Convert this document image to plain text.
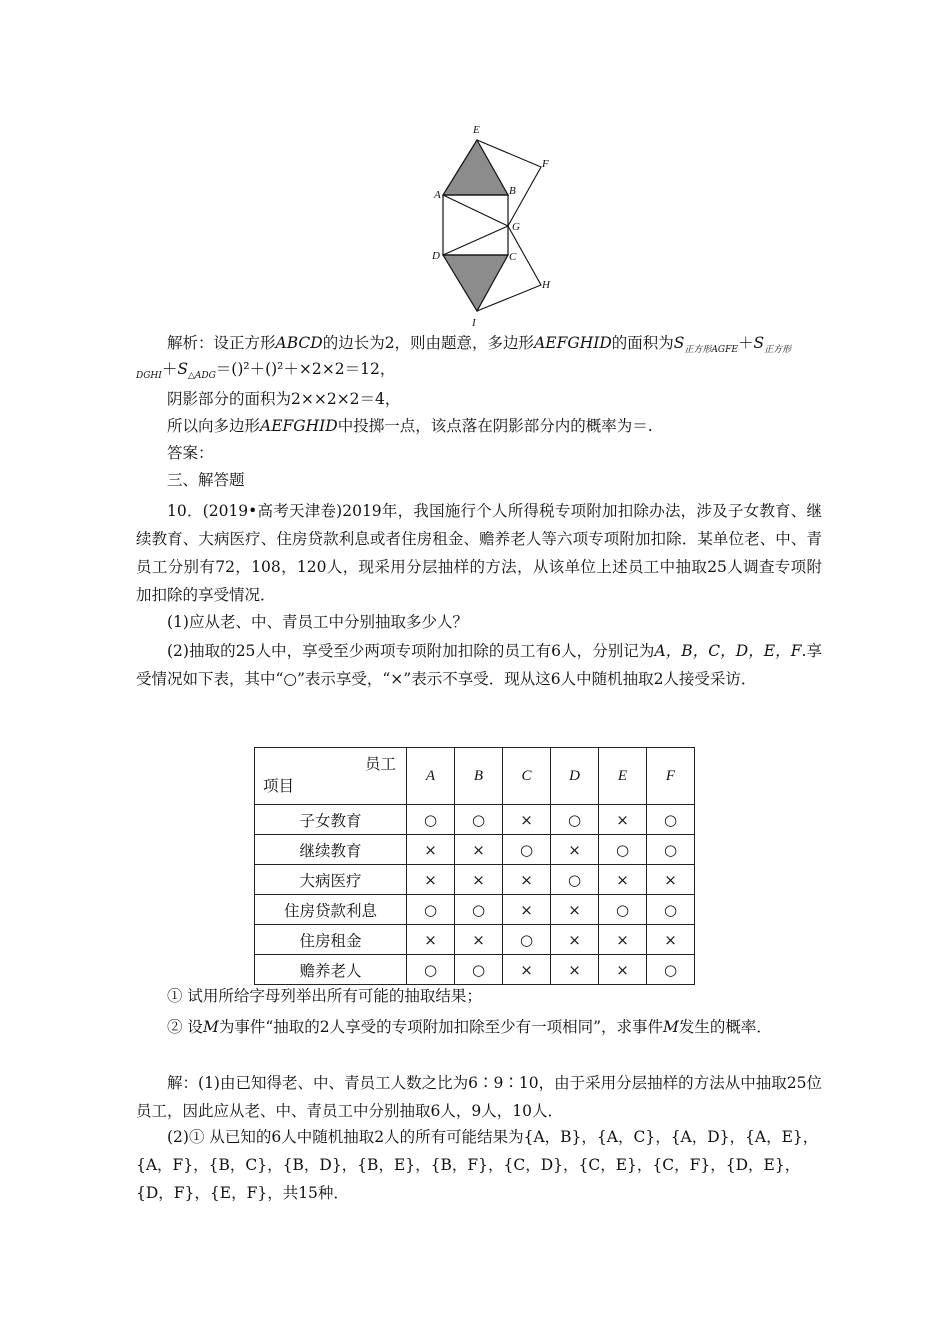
E
F
A	B
G
D	C
H
I

解析：设正方形ABCD的边长为2，则由题意，多边形AEFGHID的面积为$S_{正方形AGFE}+S_{正方形}$

$_{DGHI}+S_{\triangle ADG}=()^2+()^2+\times 2\times 2=12$，

阴影部分的面积为2××2×2＝4，

所以向多边形AEFGHID中投掷一点，该点落在阴影部分内的概率为＝.

答案：

三、解答题

10．(2019•高考天津卷)2019年，我国施行个人所得税专项附加扣除办法，涉及子女教育、继续教育、大病医疗、住房贷款利息或者住房租金、赡养老人等六项专项附加扣除．某单位老、中、青员工分别有72，108，120人，现采用分层抽样的方法，从该单位上述员工中抽取25人调查专项附加扣除的享受情况．

(1)应从老、中、青员工中分别抽取多少人？

(2)抽取的25人中，享受至少两项专项附加扣除的员工有6人，分别记为A，B，C，D，E，F.享受情况如下表，其中“○”表示享受，“×”表示不享受．现从这6人中随机抽取2人接受采访．

员工
项目	A	B	C	D	E	F
子女教育	○	○	×	○	×	○
继续教育	×	×	○	×	○	○
大病医疗	×	×	×	○	×	×
住房贷款利息	○	○	×	×	○	○
住房租金	×	×	○	×	×	×
赡养老人	○	○	×	×	×	○

① 试用所给字母列举出所有可能的抽取结果；

② 设M为事件“抽取的2人享受的专项附加扣除至少有一项相同”，求事件M发生的概率．

解：(1)由已知得老、中、青员工人数之比为6∶9∶10，由于采用分层抽样的方法从中抽取25位员工，因此应从老、中、青员工中分别抽取6人，9人，10人．

(2)① 从已知的6人中随机抽取2人的所有可能结果为{A，B}，{A，C}，{A，D}，{A，E}，{A，F}，{B，C}，{B，D}，{B，E}，{B，F}，{C，D}，{C，E}，{C，F}，{D，E}，{D，F}，{E，F}，共15种．
